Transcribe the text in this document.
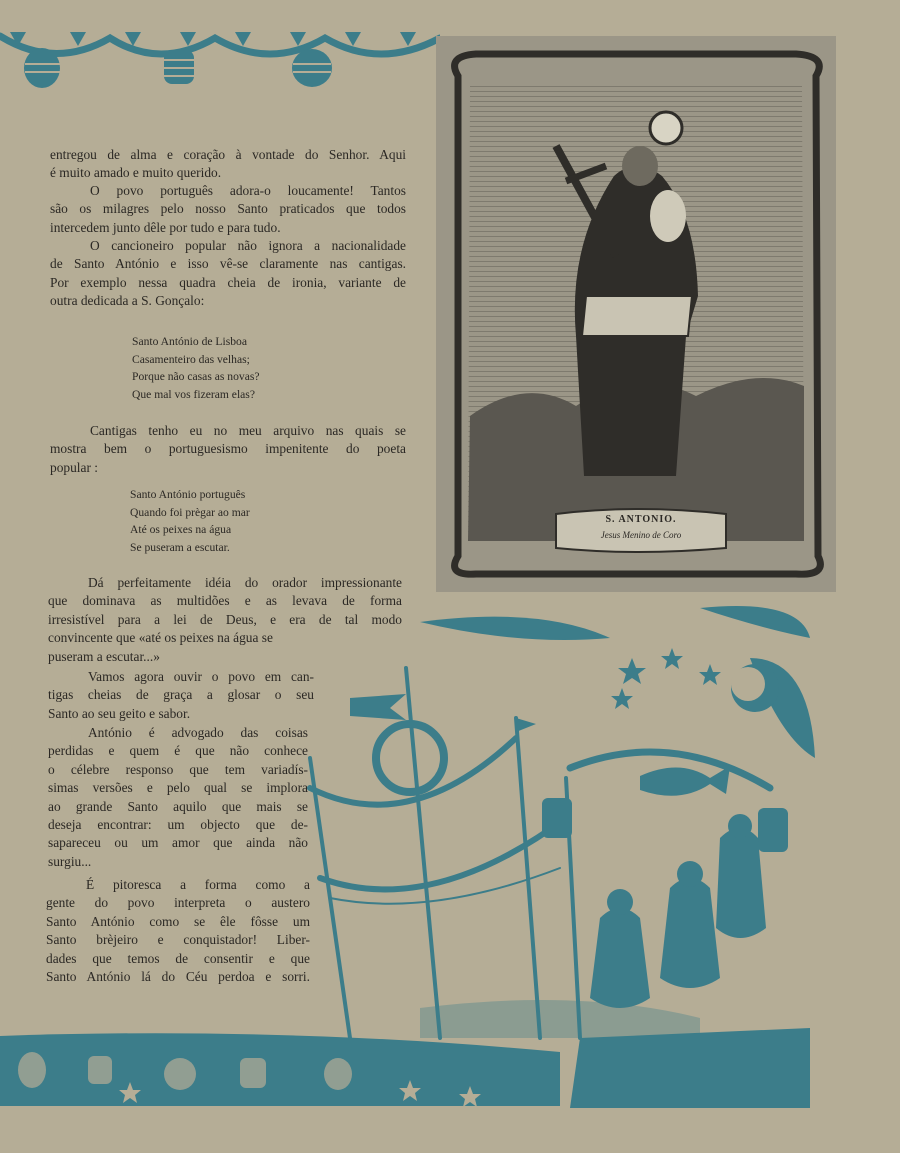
S. ANTONIO.
Jesus Menino de Coro
entregou de alma e coração à vontade do Senhor. Aqui
é muito amado e muito querido.
O povo português adora-o loucamente! Tantos
são os milagres pelo nosso Santo praticados que todos
intercedem junto dêle por tudo e para tudo.
O cancioneiro popular não ignora a nacionalidade
de Santo António e isso vê-se claramente nas cantigas.
Por exemplo nessa quadra cheia de ironia, variante de
outra dedicada a S. Gonçalo:
Santo António de Lisboa
Casamenteiro das velhas;
Porque não casas as novas?
Que mal vos fizeram elas?
Cantigas tenho eu no meu arquivo nas quais se
mostra bem o portuguesismo impenitente do poeta
popular :
Santo António português
Quando foi prègar ao mar
Até os peixes na água
Se puseram a escutar.
Dá perfeitamente idéia do orador impressionante
que dominava as multidões e as levava de forma
irresistível para a lei de Deus, e era de tal modo
convincente que «até os peixes na água se
puseram a escutar...»
Vamos agora ouvir o povo em can-
tigas cheias de graça a glosar o seu
Santo ao seu geito e sabor.
António é advogado das coisas
perdidas e quem é que não conhece
o célebre responso que tem variadís-
simas versões e pelo qual se implora
ao grande Santo aquilo que mais se
deseja encontrar: um objecto que de-
sapareceu ou um amor que ainda não
surgiu...
É pitoresca a forma como a
gente do povo interpreta o austero
Santo António como se êle fôsse um
Santo brèjeiro e conquistador! Liber-
dades que temos de consentir e que
Santo António lá do Céu perdoa e sorri.
